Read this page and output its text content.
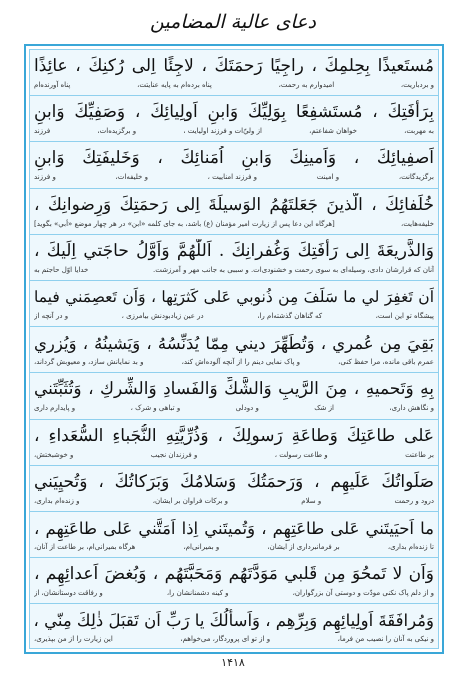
دعای عالیة المضامین
مُستَعيذًا بِحِلمِكَ ، راجِيًا رَحمَتَكَ ، لاجِئًا اِلى رُكنِكَ ، عائِذًا
و بردباريت،
اميدوارم به رحمت،
پناه برده‌ام به پايه عنايتت،
پناه آورنده‌ام
بِرَأفَتِكَ ، مُستَشفِعًا بِوَلِيِّكَ وَابنِ اَولِيائِكَ ، وَصَفِيِّكَ وَابنِ
به مهربت،
خواهان شفاعتم،
از وليّ‌ات و فرزند اوليايت ،
و برگزيده‌ات،
فرزند
اَصفِيائِكَ ، وَاَمينِكَ وَابنِ اُمَنائِكَ ، وَخَليفَتِكَ وَابنِ
برگزيدگانت،
و امينت
و فرزند امناييت ،
و خليفه‌ات،
و فرزند
خُلَفائِكَ ، الَّذينَ جَعَلتَهُمُ الوَسيلَةَ اِلى رَحمَتِكَ وَرِضوانِكَ ،
خليفه‌هايت،
[هرگاه اين دعا پس از زيارت امير مؤمنان (ع) باشد، به جای كلمه «ابن» در هر چهار موضع «اَبي» بگويد]
وَالذَّريعَةَ اِلى رَأفَتِكَ وَغُفرانِكَ . اَللّٰهُمَّ وَاَوَّلُ حاجَتي اِلَيكَ ،
آنان كه قرارشان دادی، وسيله‌ای به سوی رحمت و خشنودی‌ات. و سببی به جانب مهر و آمرزشت.
خدايا اوّل حاجتم به
اَن تَغفِرَ لي ما سَلَفَ مِن ذُنوبي عَلى كَثرَتِها ، وَاَن تَعصِمَني فيما
پيشگاه تو اين است،
كه گناهان گذشته‌ام را،
در عين زيادبودنش بيامرزی ،
و در آنچه از
بَقِيَ مِن عُمري ، وَتُطَهِّرَ ديني مِمّا يُدَنِّسُهُ ، وَيَشينُهُ ، وَيُزري
عمرم باقی مانده، مرا حفظ كنی،
و پاک نمايی دينم را از آنچه آلوده‌اش كند،
و بد نمايانش سازد، و معيوبش گرداند،
بِهِ وَتَحميهِ ، مِنَ الرَّيبِ وَالشَّكِّ وَالفَسادِ وَالشِّركِ ، وَتُثَبِّتَني
و نگاهش داری،
از شک
و دودلی
و تباهی و شرک ،
و پايدارم داری
عَلى طاعَتِكَ وَطاعَةِ رَسولِكَ ، وَذُرِّيَّتِهِ النُّجَباءِ السُّعَداءِ ،
بر طاعتت
و طاعت رسولت ،
و فرزندان نجيب
و خوشبختش،
صَلَواتُكَ عَلَيهِم ، وَرَحمَتُكَ وَسَلامُكَ وَبَرَكاتُكَ ، وَتُحيِيَني
درود و رحمت
و سلام
و بركات فراوان بر ايشان،
و زنده‌ام بداری،
ما اَحيَيتَني عَلى طاعَتِهِم ، وَتُميتَني اِذا اَمَتَّني عَلى طاعَتِهِم ،
تا زنده‌ام بداری،
بر فرمانبرداری از ايشان،
و بميرانی‌ام،
هرگاه بميرانی‌ام، بر طاعت از آنان،
وَاَن لا تَمحُوَ مِن قَلبي مَوَدَّتَهُم وَمَحَبَّتَهُم ، وَبُغضَ اَعدائِهِم ،
و از دلم پاک نكنی مودّت و دوستی آن بزرگواران،
و كينه دشمنانشان را،
و رفاقت دوستانشان، از
وَمُرافَقَةَ اَولِيائِهِم وَبِرِّهِم ، وَاَسأَلُكَ يا رَبِّ اَن تَقبَلَ ذٰلِكَ مِنّي ،
و نيكی به آنان را نصيب من فرما،
و از تو ای پروردگار، می‌خواهم،
اين زيارت را از من بپذيری،
۱۴۱۸
